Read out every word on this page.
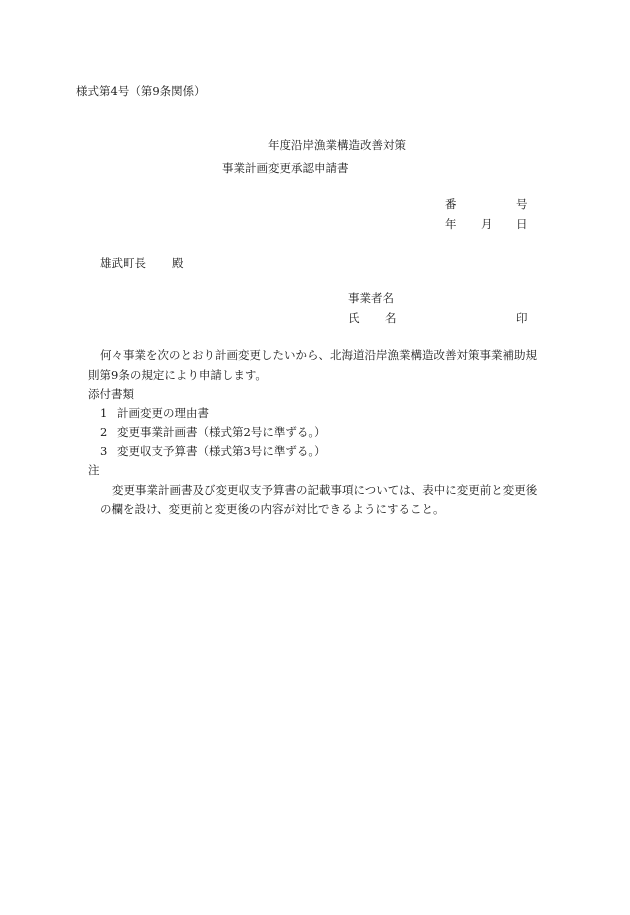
様式第4号（第9条関係）
年度沿岸漁業構造改善対策
事業計画変更承認申請書
番	号
年 月 日
雄武町長 殿
事業者名
氏 名	印
何々事業を次のとおり計画変更したいから、北海道沿岸漁業構造改善対策事業補助規
則第9条の規定により申請します。
添付書類
1 計画変更の理由書
2 変更事業計画書（様式第2号に準ずる。）
3 変更収支予算書（様式第3号に準ずる。）
注
変更事業計画書及び変更収支予算書の記載事項については、表中に変更前と変更後
の欄を設け、変更前と変更後の内容が対比できるようにすること。
